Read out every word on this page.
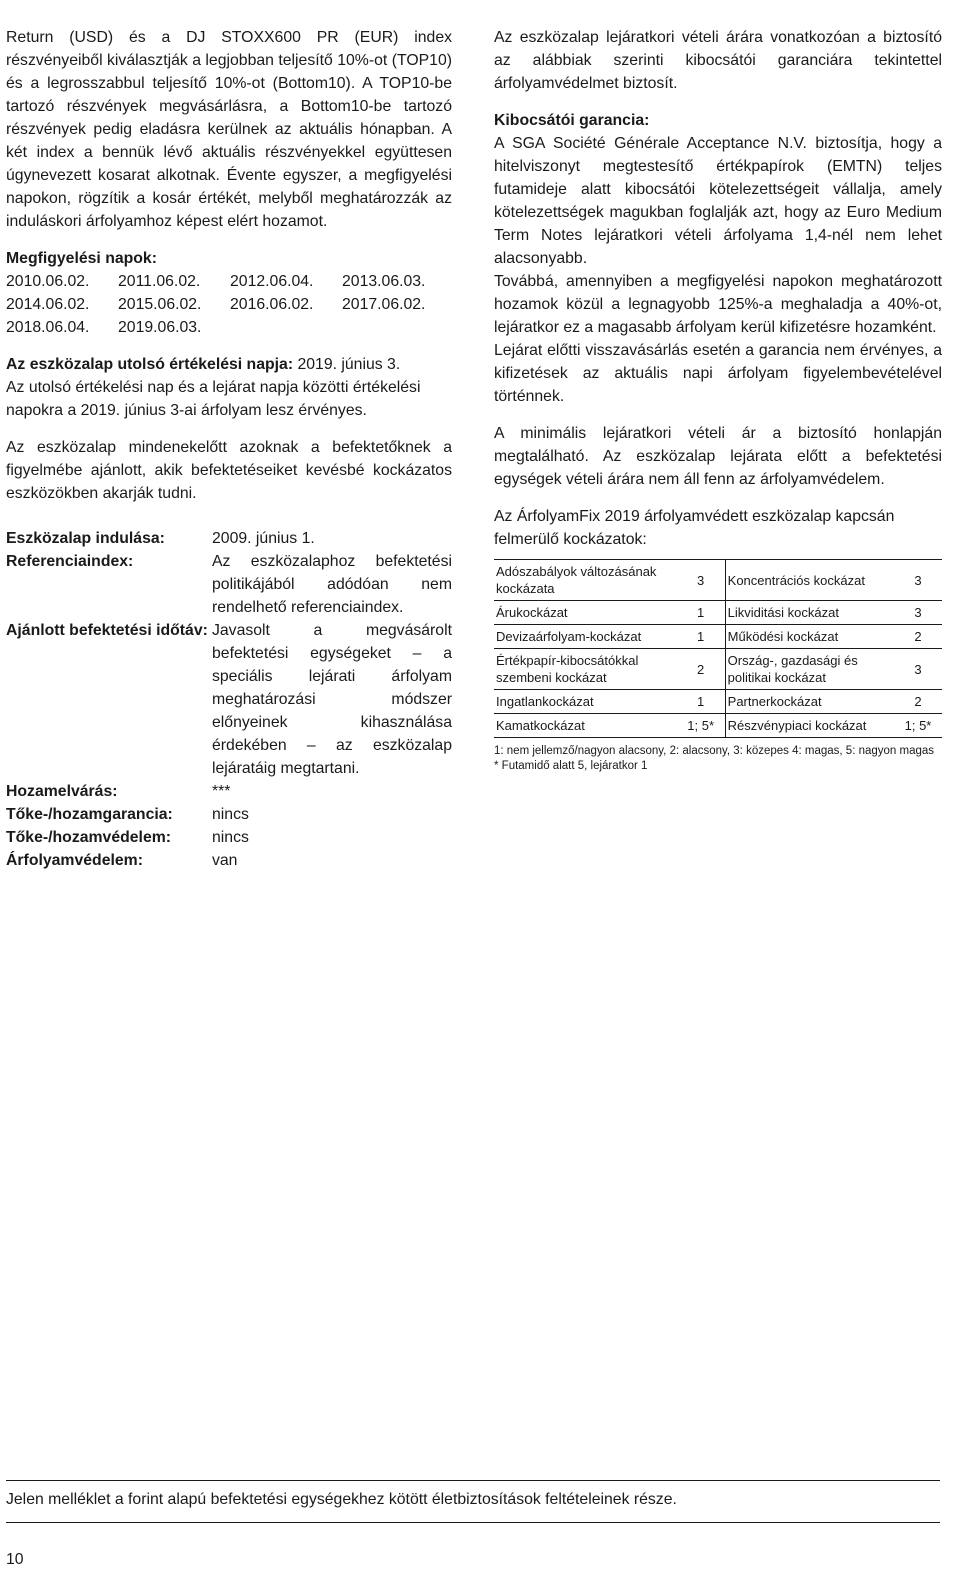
Return (USD) és a DJ STOXX600 PR (EUR) index részvényeiből kiválasztják a legjobban teljesítő 10%-ot (TOP10) és a legrosszabbul teljesítő 10%-ot (Bottom10). A TOP10-be tartozó részvények megvásárlásra, a Bottom10-be tartozó részvények pedig eladásra kerülnek az aktuális hónapban. A két index a bennük lévő aktuális részvényekkel együttesen úgynevezett kosarat alkotnak. Évente egyszer, a megfigyelési napokon, rögzítik a kosár értékét, melyből meghatározzák az induláskori árfolyamhoz képest elért hozamot.

Megfigyelési napok:

2010.06.02.	2011.06.02.	2012.06.04.	2013.06.03.
2014.06.02.	2015.06.02.	2016.06.02.	2017.06.02.
2018.06.04.	2019.06.03.

Az eszközalap utolsó értékelési napja: 2019. június 3.

Az utolsó értékelési nap és a lejárat napja közötti értékelési napokra a 2019. június 3-ai árfolyam lesz érvényes.

Az eszközalap mindenekelőtt azoknak a befektetőknek a figyelmébe ajánlott, akik befektetéseiket kevésbé kockázatos eszközökben akarják tudni.

Eszközalap indulása:	2009. június 1.
Referenciaindex:	Az eszközalaphoz befektetési politikájából adódóan nem rendelhető referenciaindex.
Ajánlott befektetési időtáv: Javasolt a megvásárolt befektetési egységeket – a speciális lejárati árfolyam meghatározási módszer előnyeinek kihasználása érdekében – az eszközalap lejáratáig megtartani.
Hozamelvárás:	***
Tőke-/hozamgarancia:	nincs
Tőke-/hozamvédelem:	nincs
Árfolyamvédelem:	van

Az eszközalap lejáratkori vételi árára vonatkozóan a biztosító az alábbiak szerinti kibocsátói garanciára tekintettel árfolyamvédelmet biztosít.

Kibocsátói garancia:

A SGA Société Générale Acceptance N.V. biztosítja, hogy a hitelviszonyt megtestesítő értékpapírok (EMTN) teljes futamideje alatt kibocsátói kötelezettségeit vállalja, amely kötelezettségek magukban foglalják azt, hogy az Euro Medium Term Notes lejáratkori vételi árfolyama 1,4-nél nem lehet alacsonyabb.

Továbbá, amennyiben a megfigyelési napokon meghatározott hozamok közül a legnagyobb 125%-a meghaladja a 40%-ot, lejáratkor ez a magasabb árfolyam kerül kifizetésre hozamként.

Lejárat előtti visszavásárlás esetén a garancia nem érvényes, a kifizetések az aktuális napi árfolyam figyelembevételével történnek.

A minimális lejáratkori vételi ár a biztosító honlapján megtalálható. Az eszközalap lejárata előtt a befektetési egységek vételi árára nem áll fenn az árfolyamvédelem.

Az ÁrfolyamFix 2019 árfolyamvédett eszközalap kapcsán felmerülő kockázatok:

Adószabályok változásának kockázata	3	Koncentrációs kockázat	3
Árukockázat	1	Likviditási kockázat	3
Devizaárfolyam-kockázat	1	Működési kockázat	2
Értékpapír-kibocsátókkal szembeni kockázat	2	Ország-, gazdasági és politikai kockázat	3
Ingatlankockázat	1	Partnerkockázat	2
Kamatkockázat	1; 5*	Részvénypiaci kockázat	1; 5*

1: nem jellemző/nagyon alacsony, 2: alacsony, 3: közepes 4: magas, 5: nagyon magas

* Futamidő alatt 5, lejáratkor 1

Jelen melléklet a forint alapú befektetési egységekhez kötött életbiztosítások feltételeinek része.
10
